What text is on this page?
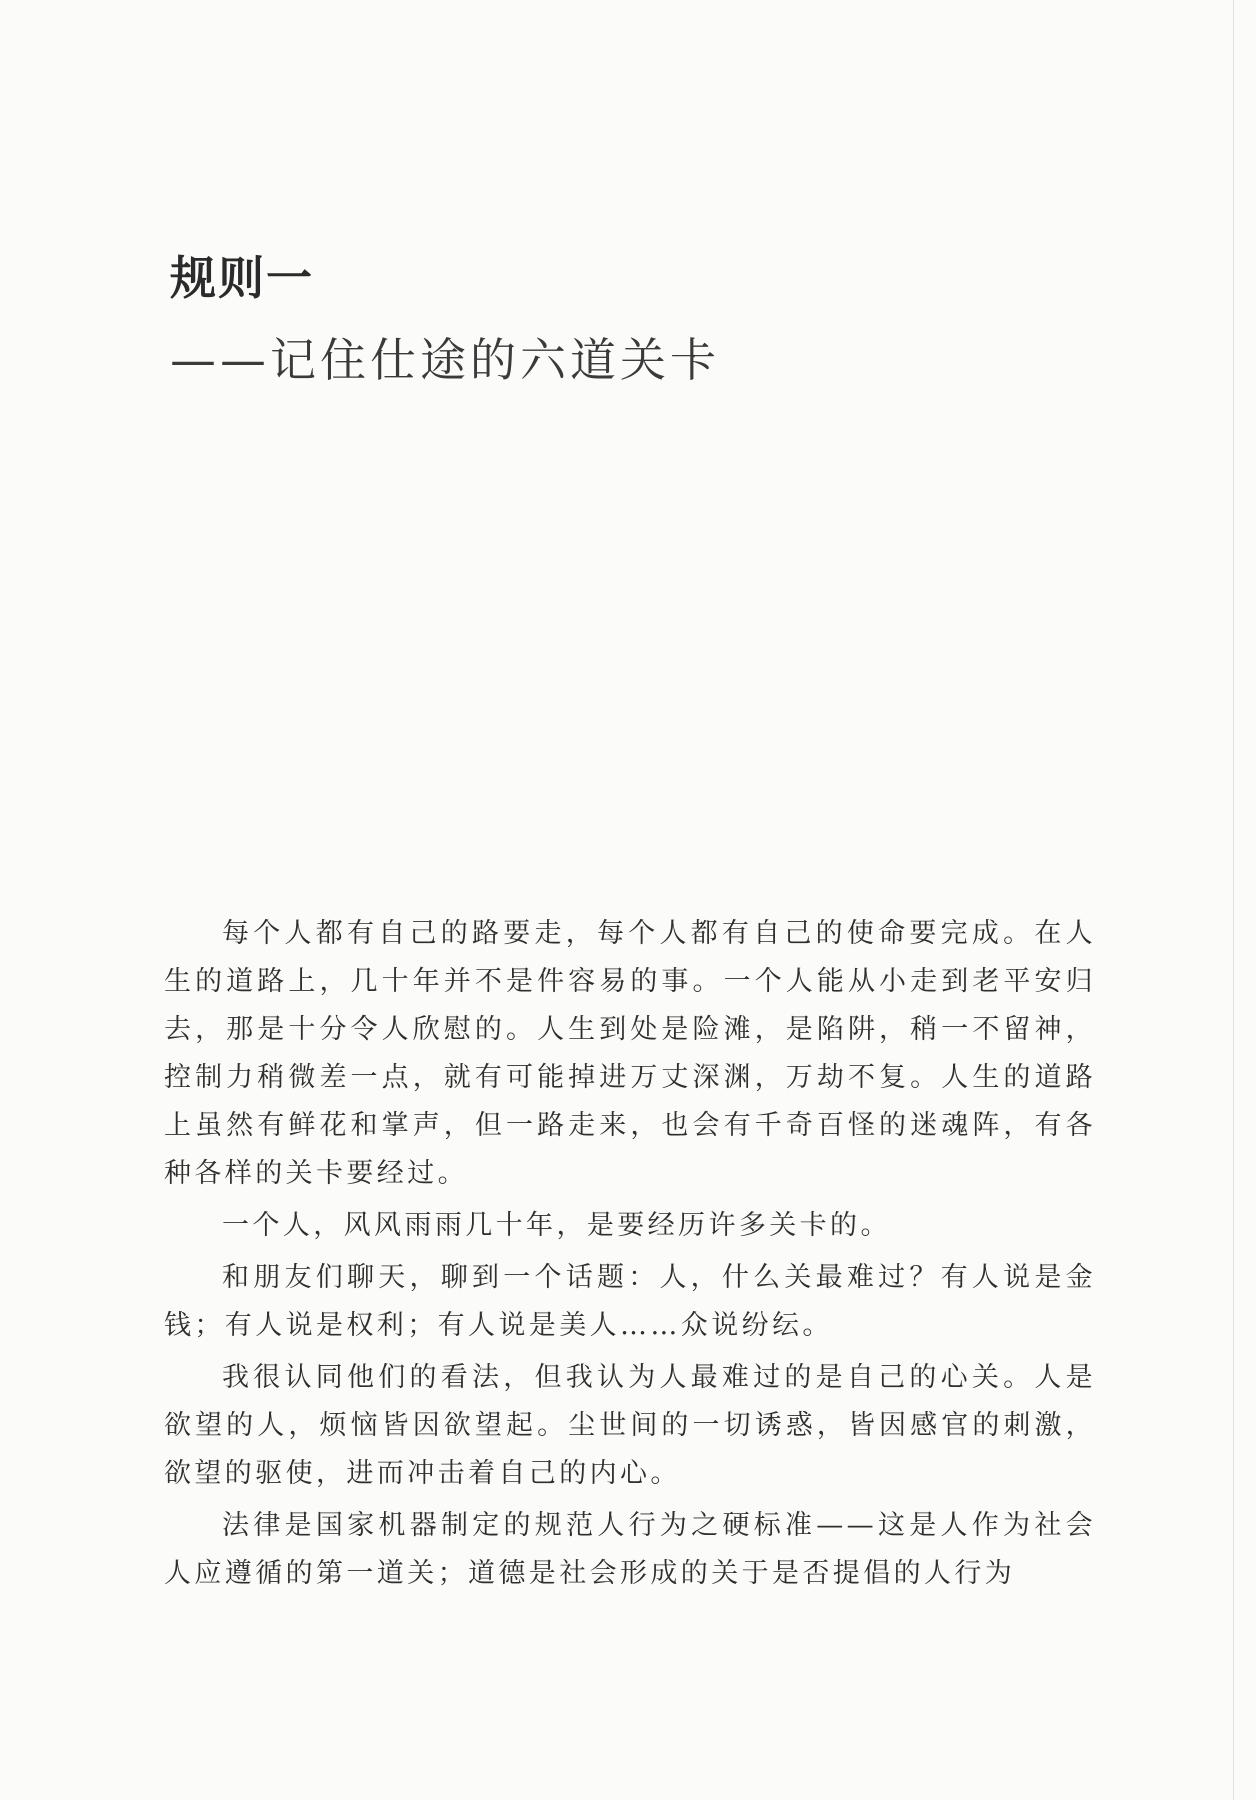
规则一
——记住仕途的六道关卡

每个人都有自己的路要走，每个人都有自己的使命要完成。在人生的道路上，几十年并不是件容易的事。一个人能从小走到老平安归去，那是十分令人欣慰的。人生到处是险滩，是陷阱，稍一不留神，控制力稍微差一点，就有可能掉进万丈深渊，万劫不复。人生的道路上虽然有鲜花和掌声，但一路走来，也会有千奇百怪的迷魂阵，有各种各样的关卡要经过。

一个人，风风雨雨几十年，是要经历许多关卡的。

和朋友们聊天，聊到一个话题：人，什么关最难过？有人说是金钱；有人说是权利；有人说是美人……众说纷纭。

我很认同他们的看法，但我认为人最难过的是自己的心关。人是欲望的人，烦恼皆因欲望起。尘世间的一切诱惑，皆因感官的刺激，欲望的驱使，进而冲击着自己的内心。

法律是国家机器制定的规范人行为之硬标准——这是人作为社会人应遵循的第一道关；道德是社会形成的关于是否提倡的人行为
